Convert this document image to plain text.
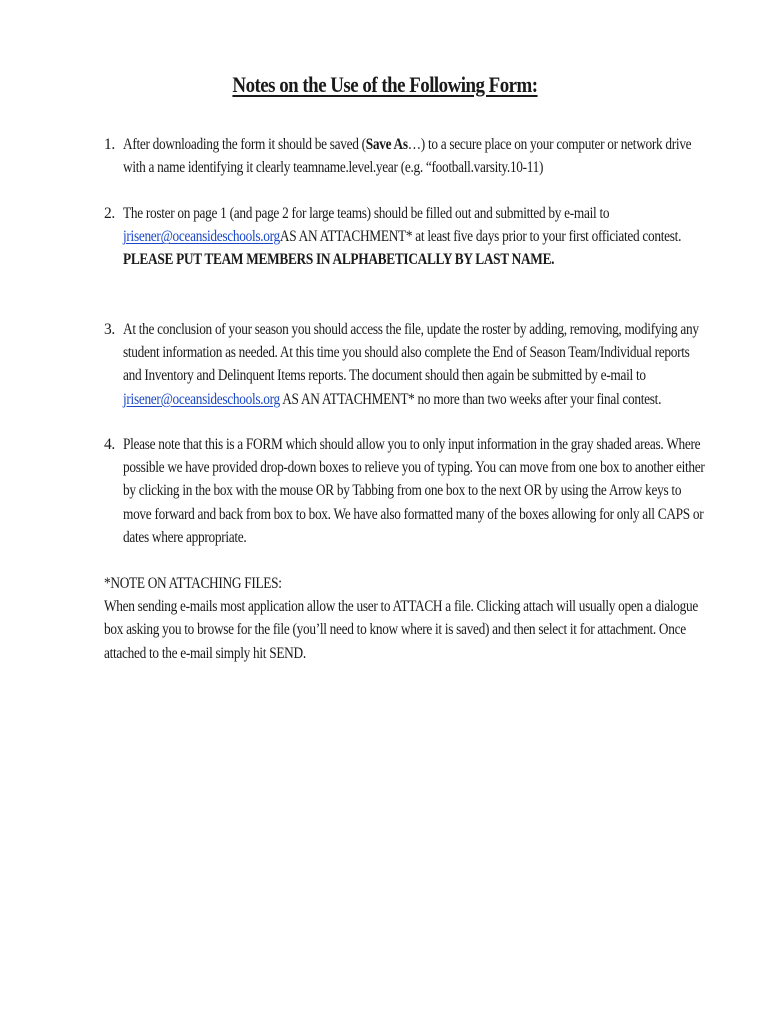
Notes on the Use of the Following Form:
1. After downloading the form it should be saved (Save As…) to a secure place on your computer or network drive
with a name identifying it clearly teamname.level.year (e.g. “football.varsity.10-11)
2. The roster on page 1 (and page 2 for large teams) should be filled out and submitted by e-mail to
jrisener@oceansideschools.orgAS AN ATTACHMENT* at least five days prior to your first officiated contest.
PLEASE PUT TEAM MEMBERS IN ALPHABETICALLY BY LAST NAME.
3. At the conclusion of your season you should access the file, update the roster by adding, removing, modifying any
student information as needed. At this time you should also complete the End of Season Team/Individual reports
and Inventory and Delinquent Items reports. The document should then again be submitted by e-mail to
jrisener@oceansideschools.org AS AN ATTACHMENT* no more than two weeks after your final contest.
4. Please note that this is a FORM which should allow you to only input information in the gray shaded areas. Where
possible we have provided drop-down boxes to relieve you of typing. You can move from one box to another either
by clicking in the box with the mouse OR by Tabbing from one box to the next OR by using the Arrow keys to
move forward and back from box to box. We have also formatted many of the boxes allowing for only all CAPS or
dates where appropriate.
*NOTE ON ATTACHING FILES:
When sending e-mails most application allow the user to ATTACH a file. Clicking attach will usually open a dialogue
box asking you to browse for the file (you’ll need to know where it is saved) and then select it for attachment. Once
attached to the e-mail simply hit SEND.
